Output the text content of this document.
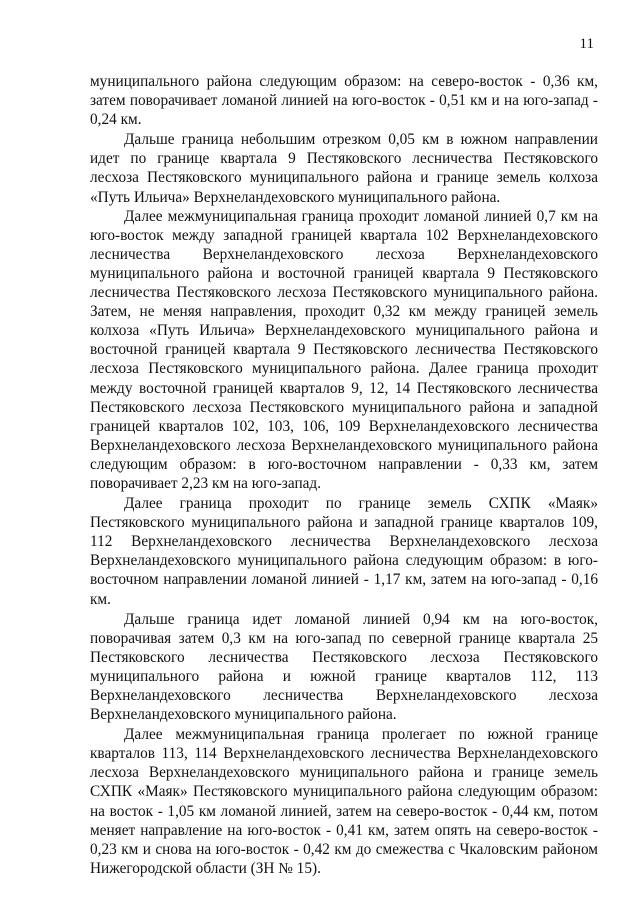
11

муниципального района следующим образом: на северо-восток - 0,36 км, затем поворачивает ломаной линией на юго-восток - 0,51 км и на юго-запад - 0,24 км.

Дальше граница небольшим отрезком 0,05 км в южном направлении идет по границе квартала 9 Пестяковского лесничества Пестяковского лесхоза Пестяковского муниципального района и границе земель колхоза «Путь Ильича» Верхнеландеховского муниципального района.

Далее межмуниципальная граница проходит ломаной линией 0,7 км на юго-восток между западной границей квартала 102 Верхнеландеховского лесничества Верхнеландеховского лесхоза Верхнеландеховского муниципального района и восточной границей квартала 9 Пестяковского лесничества Пестяковского лесхоза Пестяковского муниципального района. Затем, не меняя направления, проходит 0,32 км между границей земель колхоза «Путь Ильича» Верхнеландеховского муниципального района и восточной границей квартала 9 Пестяковского лесничества Пестяковского лесхоза Пестяковского муниципального района. Далее граница проходит между восточной границей кварталов 9, 12, 14 Пестяковского лесничества Пестяковского лесхоза Пестяковского муниципального района и западной границей кварталов 102, 103, 106, 109 Верхнеландеховского лесничества Верхнеландеховского лесхоза Верхнеландеховского муниципального района следующим образом: в юго-восточном направлении - 0,33 км, затем поворачивает 2,23 км на юго-запад.

Далее граница проходит по границе земель СХПК «Маяк» Пестяковского муниципального района и западной границе кварталов 109, 112 Верхнеландеховского лесничества Верхнеландеховского лесхоза Верхнеландеховского муниципального района следующим образом: в юго-восточном направлении ломаной линией - 1,17 км, затем на юго-запад - 0,16 км.

Дальше граница идет ломаной линией 0,94 км на юго-восток, поворачивая затем 0,3 км на юго-запад по северной границе квартала 25 Пестяковского лесничества Пестяковского лесхоза Пестяковского муниципального района и южной границе кварталов 112, 113 Верхнеландеховского лесничества Верхнеландеховского лесхоза Верхнеландеховского муниципального района.

Далее межмуниципальная граница пролегает по южной границе кварталов 113, 114 Верхнеландеховского лесничества Верхнеландеховского лесхоза Верхнеландеховского муниципального района и границе земель СХПК «Маяк» Пестяковского муниципального района следующим образом: на восток - 1,05 км ломаной линией, затем на северо-восток - 0,44 км, потом меняет направление на юго-восток - 0,41 км, затем опять на северо-восток - 0,23 км и снова на юго-восток - 0,42 км до смежества с Чкаловским районом Нижегородской области (ЗН № 15).
